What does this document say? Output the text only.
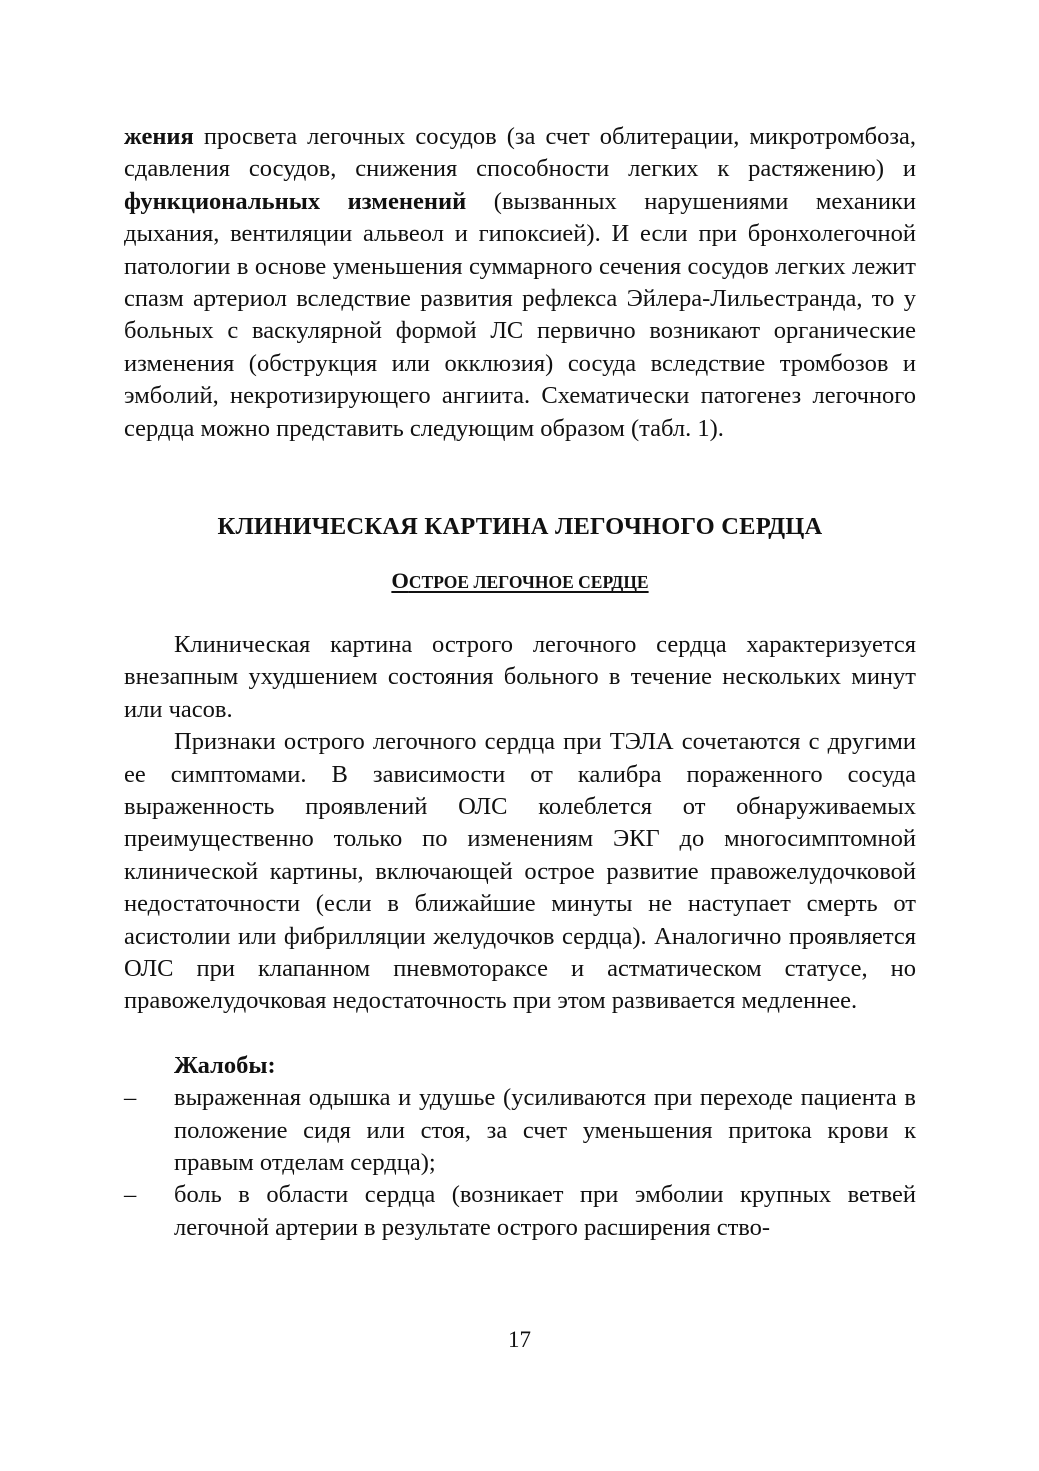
жения просвета легочных сосудов (за счет облитерации, микротромбоза, сдавления сосудов, снижения способности легких к растяжению) и функциональных изменений (вызванных нарушениями механики дыхания, вентиляции альвеол и гипоксией). И если при бронхолегочной патологии в основе уменьшения суммарного сечения сосудов легких лежит спазм артериол вследствие развития рефлекса Эйлера-Лильестранда, то у больных с васкулярной формой ЛС первично возникают органические изменения (обструкция или окклюзия) сосуда вследствие тромбозов и эмболий, некротизирующего ангиита. Схематически патогенез легочного сердца можно представить следующим образом (табл. 1).

КЛИНИЧЕСКАЯ КАРТИНА ЛЕГОЧНОГО СЕРДЦА
ОСТРОЕ ЛЕГОЧНОЕ СЕРДЦЕ

Клиническая картина острого легочного сердца характеризуется внезапным ухудшением состояния больного в течение нескольких минут или часов.

Признаки острого легочного сердца при ТЭЛА сочетаются с другими ее симптомами. В зависимости от калибра пораженного сосуда выраженность проявлений ОЛС колеблется от обнаруживаемых преимущественно только по изменениям ЭКГ до многосимптомной клинической картины, включающей острое развитие правожелудочковой недостаточности (если в ближайшие минуты не наступает смерть от асистолии или фибрилляции желудочков сердца). Аналогично проявляется ОЛС при клапанном пневмотораксе и астматическом статусе, но правожелудочковая недостаточность при этом развивается медленнее.

Жалобы:
– выраженная одышка и удушье (усиливаются при переходе пациента в положение сидя или стоя, за счет уменьшения притока крови к правым отделам сердца);
– боль в области сердца (возникает при эмболии крупных ветвей легочной артерии в результате острого расширения ство-
17
